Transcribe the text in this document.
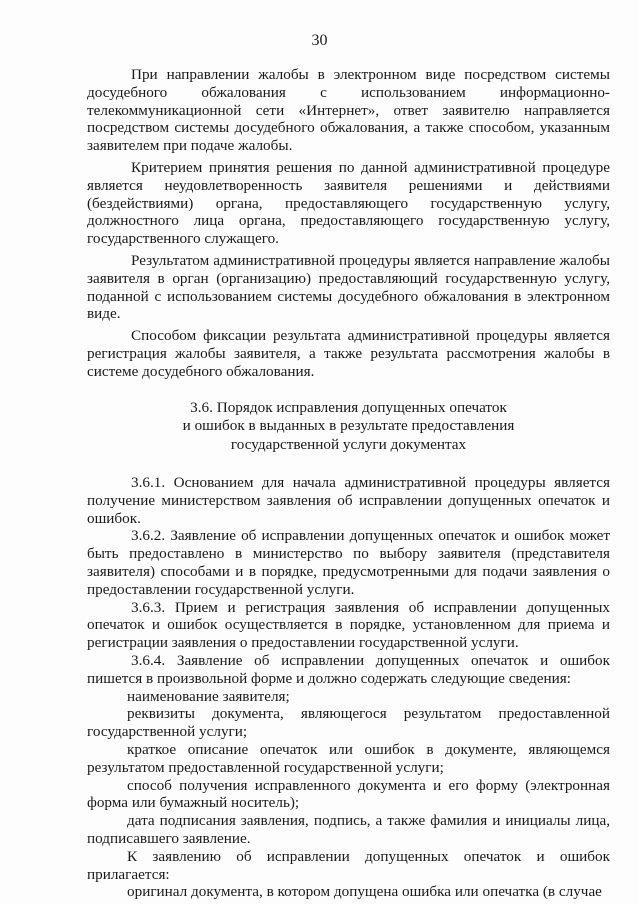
30

При направлении жалобы в электронном виде посредством системы досудебного обжалования с использованием информационно-телекоммуникационной сети «Интернет», ответ заявителю направляется посредством системы досудебного обжалования, а также способом, указанным заявителем при подаче жалобы.

Критерием принятия решения по данной административной процедуре является неудовлетворенность заявителя решениями и действиями (бездействиями) органа, предоставляющего государственную услугу, должностного лица органа, предоставляющего государственную услугу, государственного служащего.

Результатом административной процедуры является направление жалобы заявителя в орган (организацию) предоставляющий государственную услугу, поданной с использованием системы досудебного обжалования в электронном виде.

Способом фиксации результата административной процедуры является регистрация жалобы заявителя, а также результата рассмотрения жалобы в системе досудебного обжалования.

3.6. Порядок исправления допущенных опечаток
и ошибок в выданных в результате предоставления
государственной услуги документах

3.6.1. Основанием для начала административной процедуры является получение министерством заявления об исправлении допущенных опечаток и ошибок.

3.6.2. Заявление об исправлении допущенных опечаток и ошибок может быть предоставлено в министерство по выбору заявителя (представителя заявителя) способами и в порядке, предусмотренными для подачи заявления о предоставлении государственной услуги.

3.6.3. Прием и регистрация заявления об исправлении допущенных опечаток и ошибок осуществляется в порядке, установленном для приема и регистрации заявления о предоставлении государственной услуги.

3.6.4. Заявление об исправлении допущенных опечаток и ошибок пишется в произвольной форме и должно содержать следующие сведения:

наименование заявителя;

реквизиты документа, являющегося результатом предоставленной государственной услуги;

краткое описание опечаток или ошибок в документе, являющемся результатом предоставленной государственной услуги;

способ получения исправленного документа и его форму (электронная форма или бумажный носитель);

дата подписания заявления, подпись, а также фамилия и инициалы лица, подписавшего заявление.

К заявлению об исправлении допущенных опечаток и ошибок прилагается:

оригинал документа, в котором допущена ошибка или опечатка (в случае
